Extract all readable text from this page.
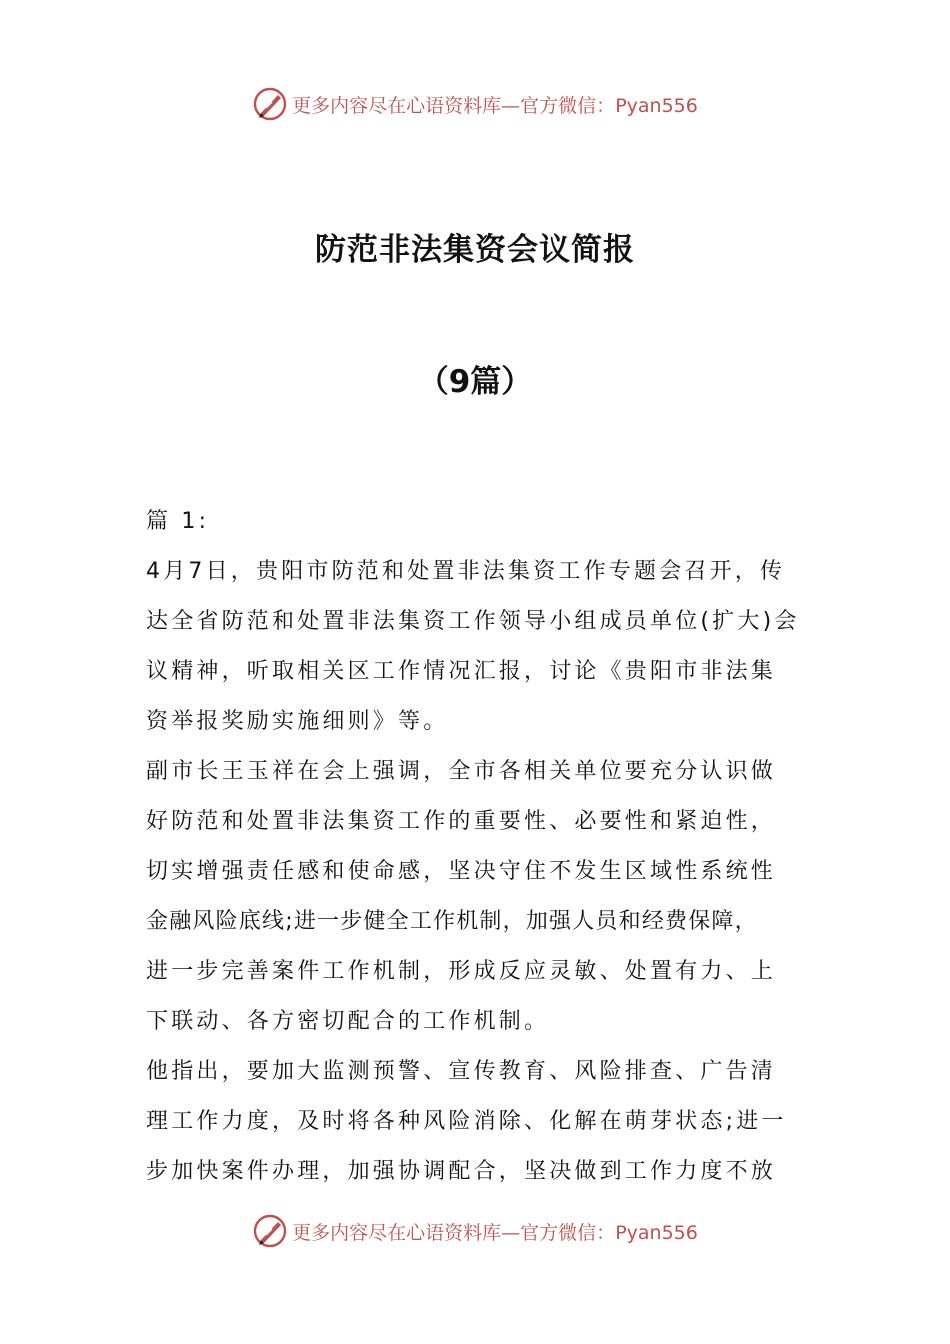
更多内容尽在心语资料库—官方微信：Pyan556
防范非法集资会议简报
（9篇）

篇 1:

4月7日，贵阳市防范和处置非法集资工作专题会召开，传

达全省防范和处置非法集资工作领导小组成员单位(扩大)会

议精神，听取相关区工作情况汇报，讨论《贵阳市非法集

资举报奖励实施细则》等。

副市长王玉祥在会上强调，全市各相关单位要充分认识做

好防范和处置非法集资工作的重要性、必要性和紧迫性，

切实增强责任感和使命感，坚决守住不发生区域性系统性

金融风险底线;进一步健全工作机制，加强人员和经费保障，

进一步完善案件工作机制，形成反应灵敏、处置有力、上

下联动、各方密切配合的工作机制。

他指出，要加大监测预警、宣传教育、风险排查、广告清

理工作力度，及时将各种风险消除、化解在萌芽状态;进一

步加快案件办理，加强协调配合，坚决做到工作力度不放

更多内容尽在心语资料库—官方微信：Pyan556
